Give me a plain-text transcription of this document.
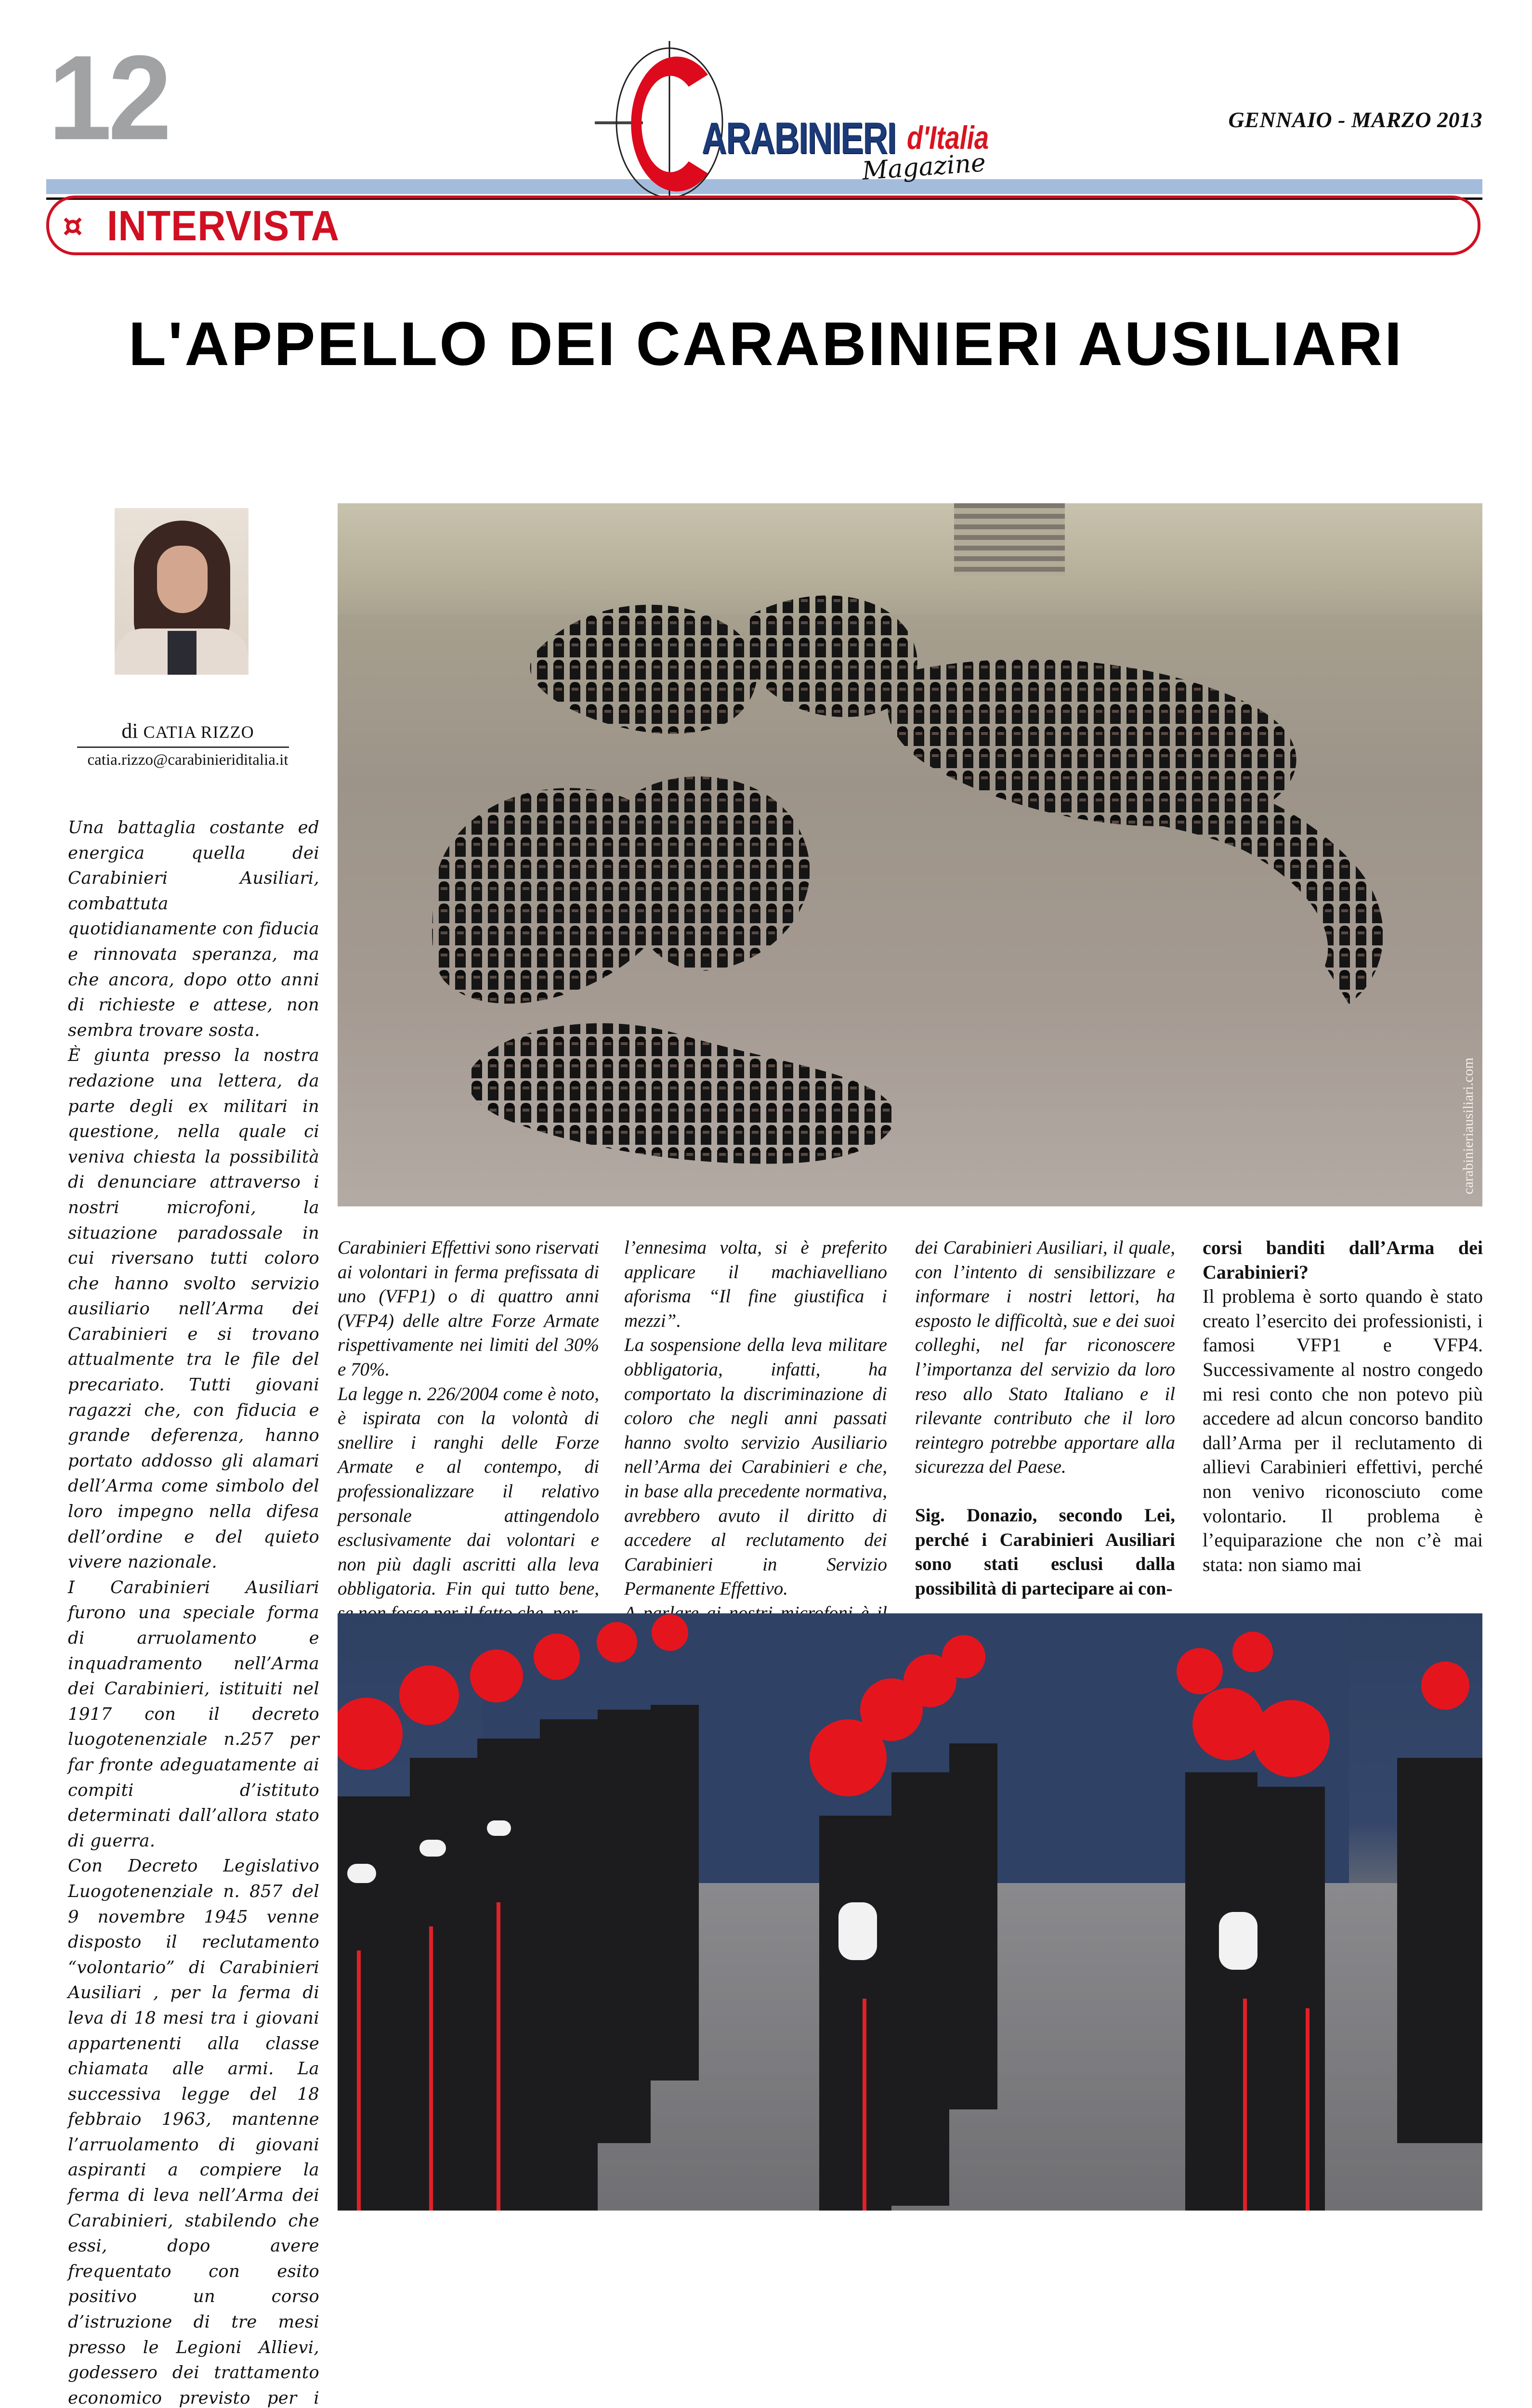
12	ARABINIERI d'Italia
Magazine
GENNAIO - MARZO 2013
¤ INTERVISTA
L'APPELLO DEI CARABINIERI AUSILIARI
di CATIA RIZZO
catia.rizzo@carabinieriditalia.it
carabinieriausiliari.com

Una battaglia costante ed energica quella dei Carabinieri Ausiliari, combattuta quotidianamente con fiducia e rinnovata speranza, ma che ancora, dopo otto anni di richieste e attese, non sembra trovare sosta.

È giunta presso la nostra redazione una lettera, da parte degli ex militari in questione, nella quale ci veniva chiesta la possibilità di denunciare attraverso i nostri microfoni, la situazione paradossale in cui riversano tutti coloro che hanno svolto servizio ausiliario nell’Arma dei Carabinieri e si trovano attualmente tra le file del precariato. Tutti giovani ragazzi che, con fiducia e grande deferenza, hanno portato addosso gli alamari dell’Arma come simbolo del loro impegno nella difesa dell’ordine e del quieto vivere nazionale.

I Carabinieri Ausiliari furono una speciale forma di arruolamento e inquadramento nell’Arma dei Carabinieri, istituiti nel 1917 con il decreto luogotenenziale n.257 per far fronte adeguatamente ai compiti d’istituto determinati dall’allora stato di guerra.

Con Decreto Legislativo Luogotenenziale n. 857 del 9 novembre 1945 venne disposto il reclutamento “volontario” di Carabinieri Ausiliari , per la ferma di leva di 18 mesi tra i giovani appartenenti alla classe chiamata alle armi. La successiva legge del 18 febbraio 1963, mantenne l’arruolamento di giovani aspiranti a compiere la ferma di leva nell’Arma dei Carabinieri, stabilendo che essi, dopo avere frequentato con esito positivo un corso d’istruzione di tre mesi presso le Legioni Allievi, godessero dei trattamento economico previsto per i

Carabinieri Effettivi sono riservati ai volontari in ferma prefissata di uno (VFP1) o di quattro anni (VFP4) delle altre Forze Armate rispettivamente nei limiti del 30% e 70%.

La legge n. 226/2004 come è noto, è ispirata con la volontà di snellire i ranghi delle Forze Armate e al contempo, di professionalizzare il relativo personale attingendolo esclusivamente dai volontari e non più dagli ascritti alla leva obbligatoria. Fin qui tutto bene,

l’ennesima volta, si è preferito applicare il machiavelliano aforisma “Il fine giustifica i mezzi”.

La sospensione della leva militare obbligatoria, infatti, ha comportato la discriminazione di coloro che negli anni passati hanno svolto servizio Ausiliario nell’Arma dei Carabinieri e che, in base alla precedente normativa, avrebbero avuto il diritto di accedere al reclutamento dei Carabinieri in Servizio Permanente Effettivo.

dei Carabinieri Ausiliari, il quale, con l’intento di sensibilizzare e informare i nostri lettori, ha esposto le difficoltà, sue e dei suoi colleghi, nel far riconoscere l’importanza del servizio da loro reso allo Stato Italiano e il rilevante contributo che il loro reintegro potrebbe apportare alla sicurezza del Paese.

Sig. Donazio, secondo Lei, perché i Carabinieri Ausiliari sono stati esclusi dalla possibilità di partecipare ai con-

corsi banditi dall’Arma dei Carabinieri?

Il problema è sorto quando è stato creato l’esercito dei professionisti, i famosi VFP1 e VFP4. Successivamente al nostro congedo mi resi conto che non potevo più accedere ad alcun concorso bandito dall’Arma per il reclutamento di allievi Carabinieri effettivi, perché non venivo riconosciuto come volontario. Il problema è l’equiparazione che non c’è mai stata: non siamo mai
